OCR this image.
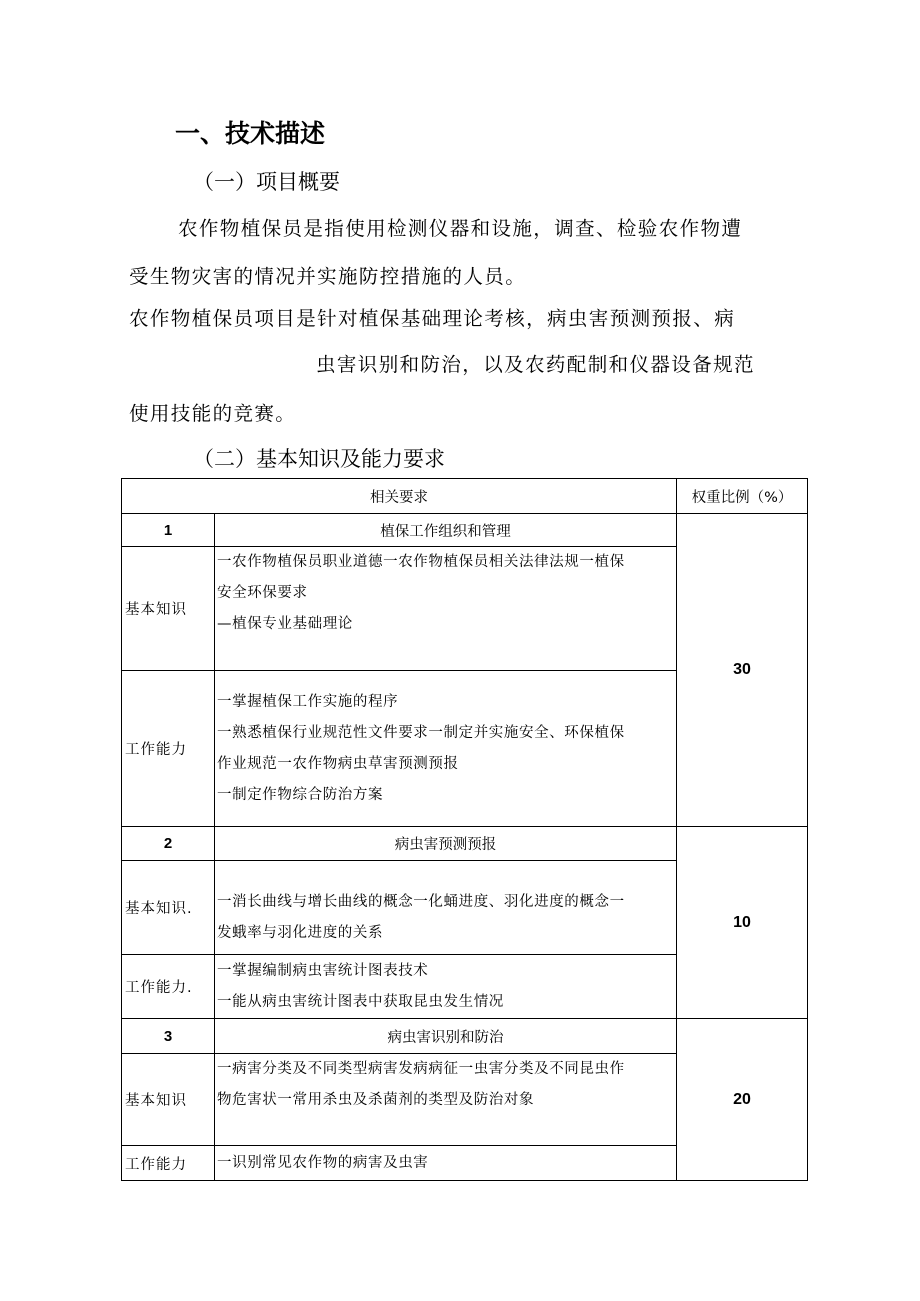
一、技术描述
（一）项目概要
农作物植保员是指使用检测仪器和设施，调查、检验农作物遭
受生物灾害的情况并实施防控措施的人员。
农作物植保员项目是针对植保基础理论考核，病虫害预测预报、病
虫害识别和防治，以及农药配制和仪器设备规范
使用技能的竞赛。
（二）基本知识及能力要求
相关要求		权重比例（%）
1	植保工作组织和管理	30
基本知识	一农作物植保员职业道德一农作物植保员相关法律法规一植保
安全环保要求
—植保专业基础理论	

工作能力	一掌握植保工作实施的程序
一熟悉植保行业规范性文件要求一制定并实施安全、环保植保
作业规范一农作物病虫草害预测预报
一制定作物综合防治方案	

2	病虫害预测预报	10
基本知识.	一消长曲线与增长曲线的概念一化蛹进度、羽化进度的概念一
发蛾率与羽化进度的关系	

工作能力.	一掌握编制病虫害统计图表技术
一能从病虫害统计图表中获取昆虫发生情况	

3	病虫害识别和防治	20
基本知识	一病害分类及不同类型病害发病病征一虫害分类及不同昆虫作
物危害状一常用杀虫及杀菌剂的类型及防治对象	

工作能力	一识别常见农作物的病害及虫害	
